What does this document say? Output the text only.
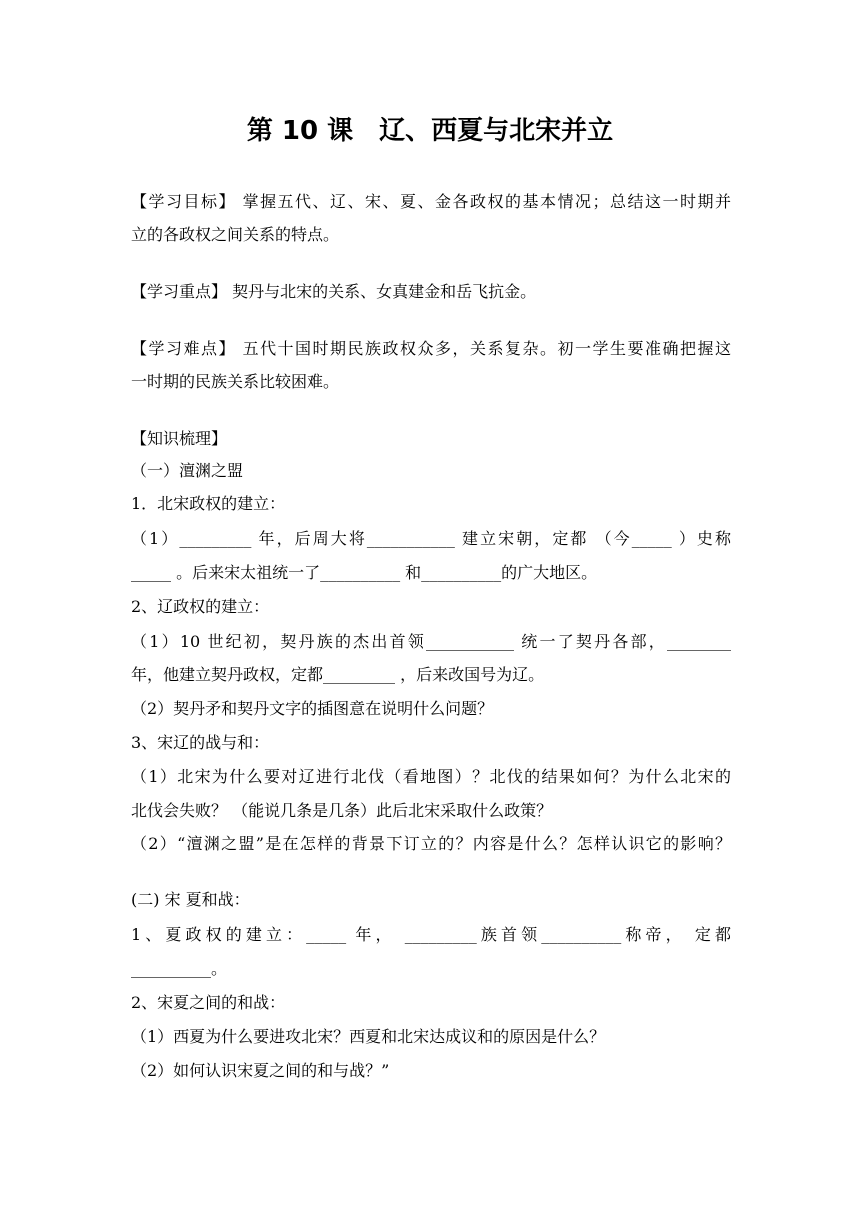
第 10 课　辽、西夏与北宋并立
【学习目标】 掌握五代、辽、宋、夏、金各政权的基本情况；总结这一时期并
立的各政权之间关系的特点。
【学习重点】 契丹与北宋的关系、女真建金和岳飞抗金。
【学习难点】 五代十国时期民族政权众多，关系复杂。初一学生要准确把握这
一时期的民族关系比较困难。
【知识梳理】
（一）澶渊之盟
1．北宋政权的建立：
（1）_________ 年，后周大将___________ 建立宋朝，定都 （今_____ ）史称
_____ 。后来宋太祖统一了__________ 和__________的广大地区。
2、辽政权的建立：
（1）10 世纪初，契丹族的杰出首领___________ 统一了契丹各部，________
年，他建立契丹政权，定都_________ ，后来改国号为辽。
（2）契丹矛和契丹文字的插图意在说明什么问题？
3、宋辽的战与和：
（1）北宋为什么要对辽进行北伐（看地图）？北伐的结果如何？为什么北宋的
北伐会失败？ （能说几条是几条）此后北宋采取什么政策？
（2）“澶渊之盟”是在怎样的背景下订立的？内容是什么？怎样认识它的影响？
(二) 宋 夏和战：
1、夏政权的建立：_____ 年， _________族首领__________称帝， 定都
__________。
2、宋夏之间的和战：
（1）西夏为什么要进攻北宋？西夏和北宋达成议和的原因是什么？
（2）如何认识宋夏之间的和与战？”
